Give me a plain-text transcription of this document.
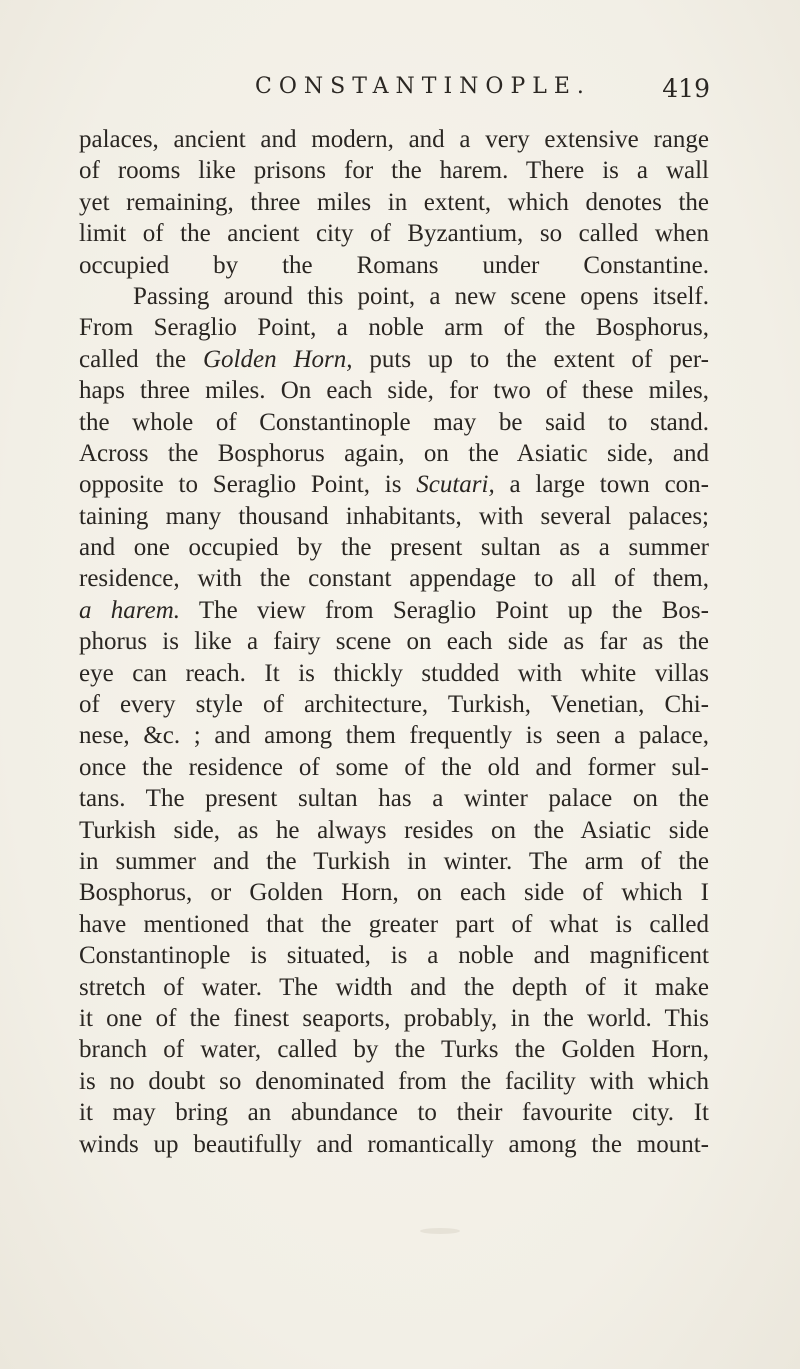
CONSTANTINOPLE.	419
palaces, ancient and modern, and a very extensive range
of rooms like prisons for the harem. There is a wall
yet remaining, three miles in extent, which denotes the
limit of the ancient city of Byzantium, so called when
occupied by the Romans under Constantine.
Passing around this point, a new scene opens itself.
From Seraglio Point, a noble arm of the Bosphorus,
called the Golden Horn, puts up to the extent of per-
haps three miles. On each side, for two of these miles,
the whole of Constantinople may be said to stand.
Across the Bosphorus again, on the Asiatic side, and
opposite to Seraglio Point, is Scutari, a large town con-
taining many thousand inhabitants, with several palaces;
and one occupied by the present sultan as a summer
residence, with the constant appendage to all of them,
a harem. The view from Seraglio Point up the Bos-
phorus is like a fairy scene on each side as far as the
eye can reach. It is thickly studded with white villas
of every style of architecture, Turkish, Venetian, Chi-
nese, &c. ; and among them frequently is seen a palace,
once the residence of some of the old and former sul-
tans. The present sultan has a winter palace on the
Turkish side, as he always resides on the Asiatic side
in summer and the Turkish in winter. The arm of the
Bosphorus, or Golden Horn, on each side of which I
have mentioned that the greater part of what is called
Constantinople is situated, is a noble and magnificent
stretch of water. The width and the depth of it make
it one of the finest seaports, probably, in the world. This
branch of water, called by the Turks the Golden Horn,
is no doubt so denominated from the facility with which
it may bring an abundance to their favourite city. It
winds up beautifully and romantically among the mount-
